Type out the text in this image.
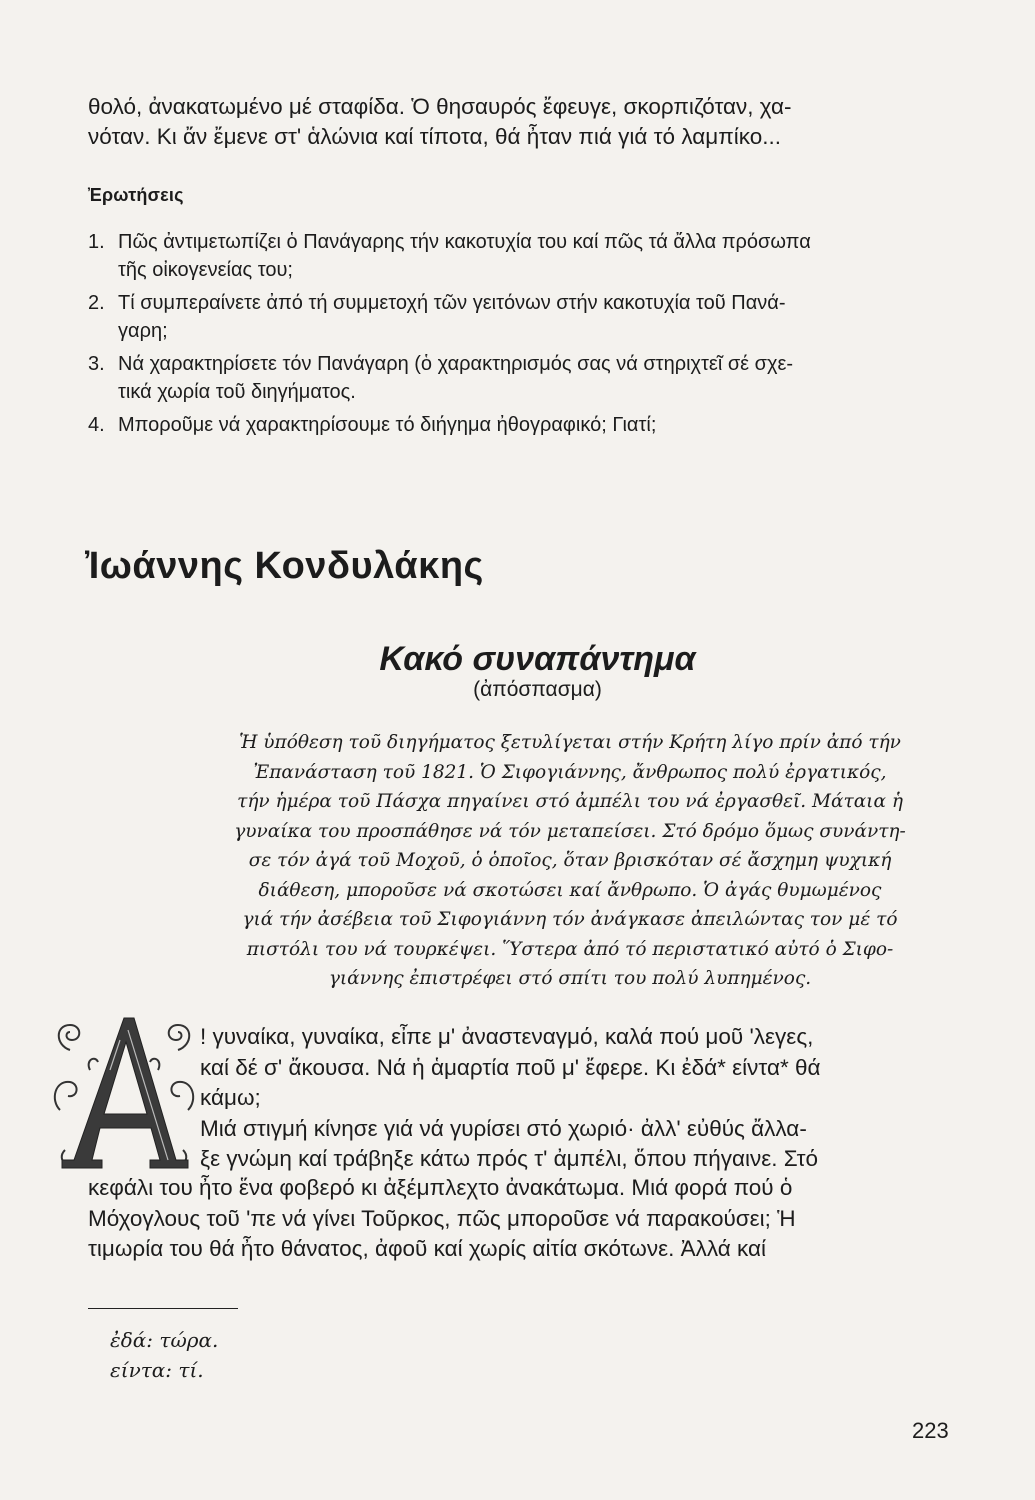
θολό, ἀνακατωμένο μέ σταφίδα. Ὁ θησαυρός ἔφευγε, σκορπιζόταν, χα-
νόταν. Κι ἄν ἔμενε στ' ἁλώνια καί τίποτα, θά ἦταν πιά γιά τό λαμπίκο...
Ἐρωτήσεις
1. Πῶς ἀντιμετωπίζει ὁ Πανάγαρης τήν κακοτυχία του καί πῶς τά ἄλλα πρόσωπα
τῆς οἰκογενείας του;
2. Τί συμπεραίνετε ἀπό τή συμμετοχή τῶν γειτόνων στήν κακοτυχία τοῦ Πανά-
γαρη;
3. Νά χαρακτηρίσετε τόν Πανάγαρη (ὁ χαρακτηρισμός σας νά στηριχτεῖ σέ σχε-
τικά χωρία τοῦ διηγήματος.
4. Μποροῦμε νά χαρακτηρίσουμε τό διήγημα ἠθογραφικό; Γιατί;
Ἰωάννης Κονδυλάκης
Κακό συναπάντημα
(ἀπόσπασμα)
Ἡ ὑπόθεση τοῦ διηγήματος ξετυλίγεται στήν Κρήτη λίγο πρίν ἀπό τήν
Ἐπανάσταση τοῦ 1821. Ὁ Σιφογιάννης, ἄνθρωπος πολύ ἐργατικός,
τήν ἡμέρα τοῦ Πάσχα πηγαίνει στό ἀμπέλι του νά ἐργασθεῖ. Μάταια ἡ
γυναίκα του προσπάθησε νά τόν μεταπείσει. Στό δρόμο ὅμως συνάντη-
σε τόν ἀγά τοῦ Μοχοῦ, ὁ ὁποῖος, ὅταν βρισκόταν σέ ἄσχημη ψυχική
διάθεση, μποροῦσε νά σκοτώσει καί ἄνθρωπο. Ὁ ἀγάς θυμωμένος
γιά τήν ἀσέβεια τοῦ Σιφογιάννη τόν ἀνάγκασε ἀπειλώντας τον μέ τό
πιστόλι του νά τουρκέψει. Ὕστερα ἀπό τό περιστατικό αὐτό ὁ Σιφο-
γιάννης ἐπιστρέφει στό σπίτι του πολύ λυπημένος.
! γυναίκα, γυναίκα, εἶπε μ' ἀναστεναγμό, καλά πού μοῦ 'λεγες,
καί δέ σ' ἄκουσα. Νά ἡ ἁμαρτία ποῦ μ' ἔφερε. Κι ἐδά* είντα* θά
κάμω;
Μιά στιγμή κίνησε γιά νά γυρίσει στό χωριό· ἀλλ' εὐθύς ἄλλα-
ξε γνώμη καί τράβηξε κάτω πρός τ' ἀμπέλι, ὅπου πήγαινε. Στό
κεφάλι του ἦτο ἕνα φοβερό κι ἀξέμπλεχτο ἀνακάτωμα. Μιά φορά πού ὁ
Μόχογλους τοῦ 'πε νά γίνει Τοῦρκος, πῶς μποροῦσε νά παρακούσει; Ἡ
τιμωρία του θά ἦτο θάνατος, ἀφοῦ καί χωρίς αἰτία σκότωνε. Ἀλλά καί
ἐδά: τώρα.
είντα: τί.
223
